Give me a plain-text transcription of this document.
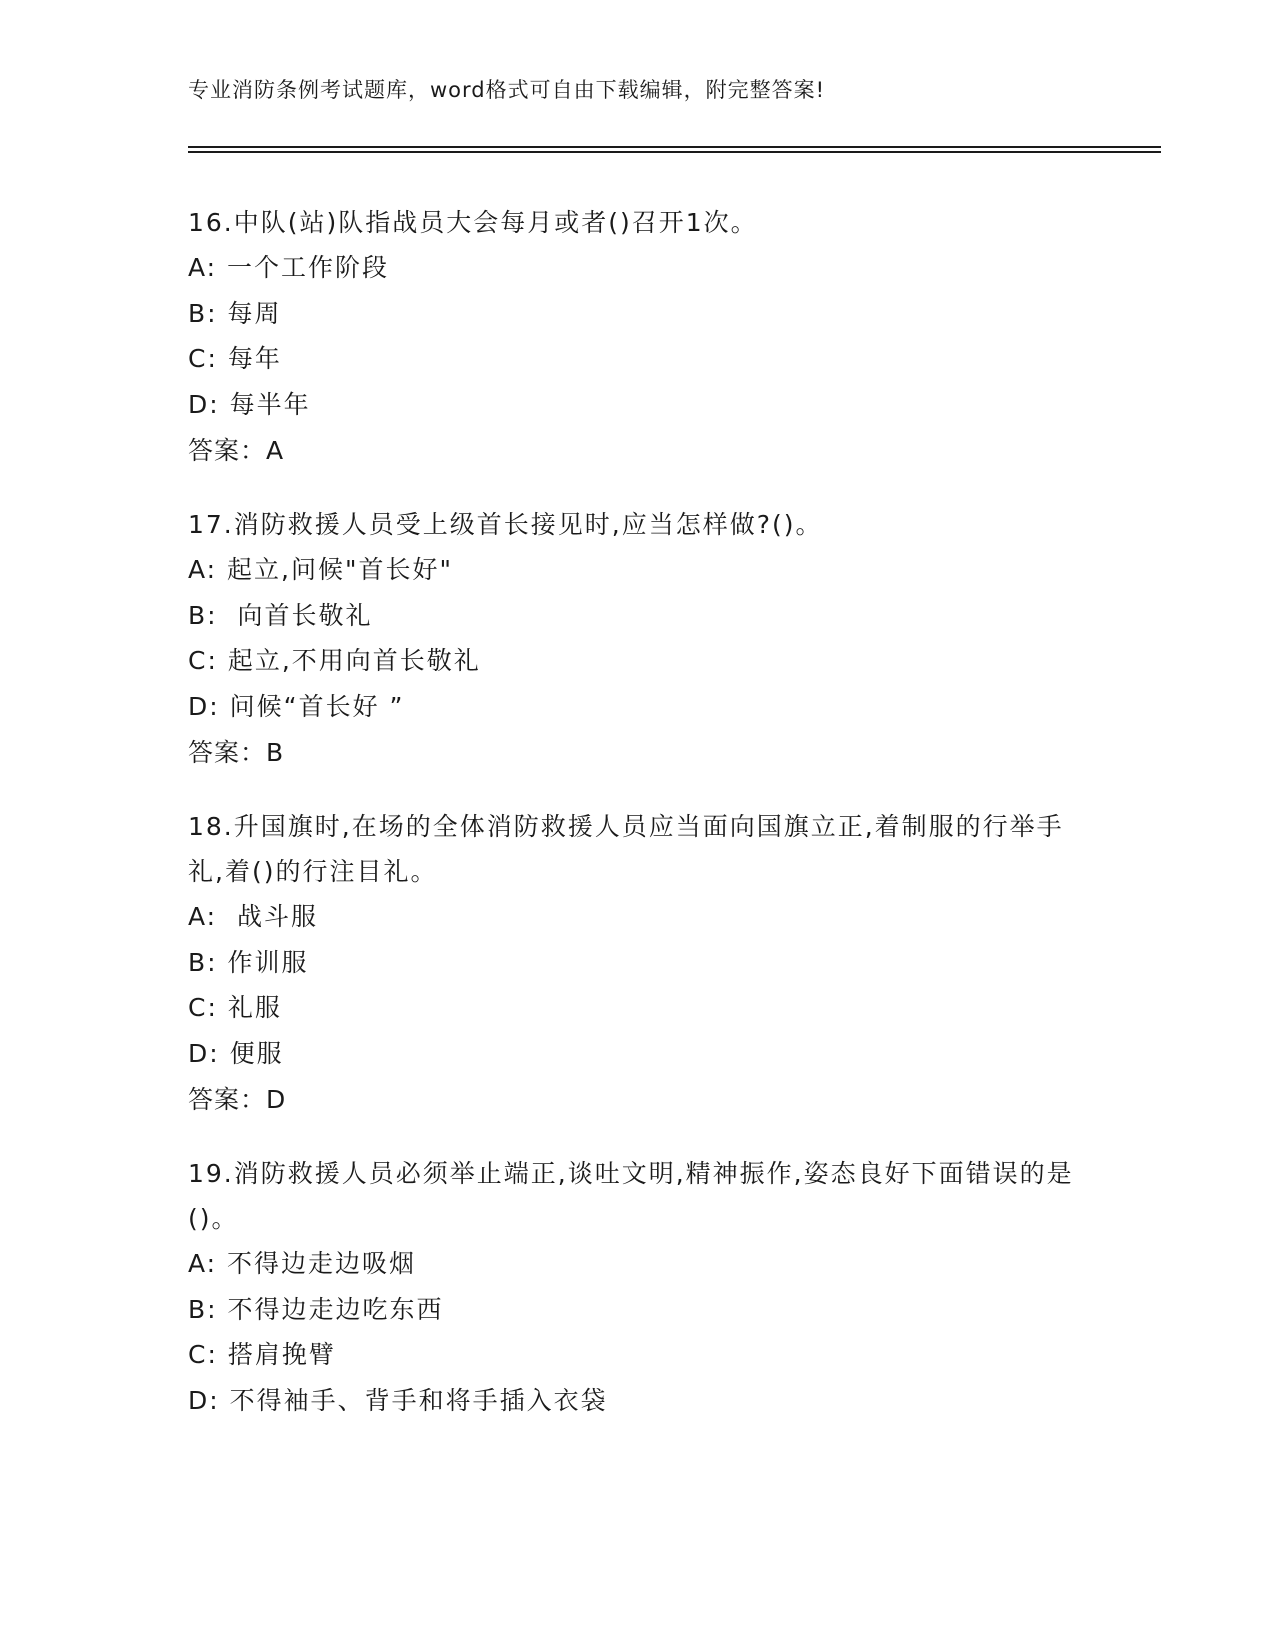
专业消防条例考试题库，word格式可自由下载编辑，附完整答案!
16.中队(站)队指战员大会每月或者()召开1次。
A: 一个工作阶段
B: 每周
C: 每年
D: 每半年
答案：A
17.消防救援人员受上级首长接见时,应当怎样做?()。
A: 起立,问候"首长好"
B:  向首长敬礼
C: 起立,不用向首长敬礼
D: 问候“首长好 ”
答案：B
18.升国旗时,在场的全体消防救援人员应当面向国旗立正,着制服的行举手礼,着()的行注目礼。
A:  战斗服
B: 作训服
C: 礼服
D: 便服
答案：D
19.消防救援人员必须举止端正,谈吐文明,精神振作,姿态良好下面错误的是()。
A: 不得边走边吸烟
B: 不得边走边吃东西
C: 搭肩挽臂
D: 不得袖手、背手和将手插入衣袋
